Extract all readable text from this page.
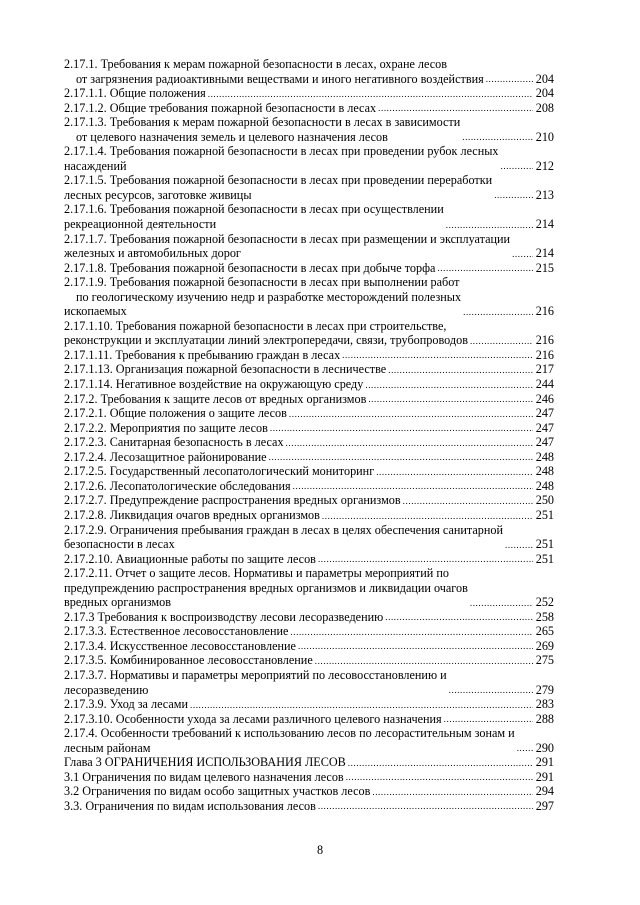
2.17.1. Требования к мерам пожарной безопасности в лесах, охране лесов
от загрязнения радиоактивными веществами и иного негативного воздействия .....	204
2.17.1.1. Общие положения .....	204
2.17.1.2. Общие требования пожарной безопасности в лесах .....	208
2.17.1.3. Требования к мерам пожарной безопасности в лесах в зависимости
от целевого назначения земель и целевого назначения лесов .....	210
2.17.1.4. Требования пожарной безопасности в лесах при проведении рубок лесных
насаждений .....	212
2.17.1.5. Требования пожарной безопасности в лесах при проведении переработки
лесных ресурсов, заготовке живицы .....	213
2.17.1.6. Требования пожарной безопасности в лесах при осуществлении
рекреационной деятельности .....	214
2.17.1.7. Требования пожарной безопасности в лесах при размещении и эксплуатации
железных и автомобильных дорог .....	214
2.17.1.8. Требования пожарной безопасности в лесах при добыче торфа .....	215
2.17.1.9. Требования пожарной безопасности в лесах при выполнении работ
по геологическому изучению недр и разработке месторождений полезных
ископаемых .....	216
2.17.1.10. Требования пожарной безопасности в лесах при строительстве,
реконструкции и эксплуатации линий электропередачи, связи, трубопроводов .....	216
2.17.1.11. Требования к пребыванию граждан в лесах .....	216
2.17.1.13. Организация пожарной безопасности в лесничестве .....	217
2.17.1.14. Негативное воздействие на окружающую среду .....	244
2.17.2. Требования к защите лесов от вредных организмов .....	246
2.17.2.1. Общие положения о защите лесов .....	247
2.17.2.2. Мероприятия по защите лесов .....	247
2.17.2.3. Санитарная безопасность в лесах .....	247
2.17.2.4. Лесозащитное районирование .....	248
2.17.2.5. Государственный лесопатологический мониторинг .....	248
2.17.2.6. Лесопатологические обследования .....	248
2.17.2.7. Предупреждение распространения вредных организмов .....	250
2.17.2.8. Ликвидация очагов вредных организмов .....	251
2.17.2.9. Ограничения пребывания граждан в лесах в целях обеспечения санитарной
безопасности в лесах .....	251
2.17.2.10. Авиационные работы по защите лесов .....	251
2.17.2.11. Отчет о защите лесов. Нормативы и параметры мероприятий по
предупреждению распространения вредных организмов и ликвидации очагов
вредных организмов .....	252
2.17.3 Требования к воспроизводству лесови лесоразведению .....	258
2.17.3.3. Естественное лесовосстановление .....	265
2.17.3.4. Искусственное лесовосстановление .....	269
2.17.3.5. Комбинированное лесовосстановление .....	275
2.17.3.7. Нормативы и параметры мероприятий по лесовосстановлению и
лесоразведению .....	279
2.17.3.9. Уход за лесами .....	283
2.17.3.10. Особенности ухода за лесами различного целевого назначения .....	288
2.17.4. Особенности требований к использованию лесов по лесорастительным зонам и
лесным районам .....	290
Глава 3 ОГРАНИЧЕНИЯ ИСПОЛЬЗОВАНИЯ ЛЕСОВ .....	291
3.1 Ограничения по видам целевого назначения лесов .....	291
3.2 Ограничения по видам особо защитных участков лесов .....	294
3.3. Ограничения по видам использования лесов .....	297
8
